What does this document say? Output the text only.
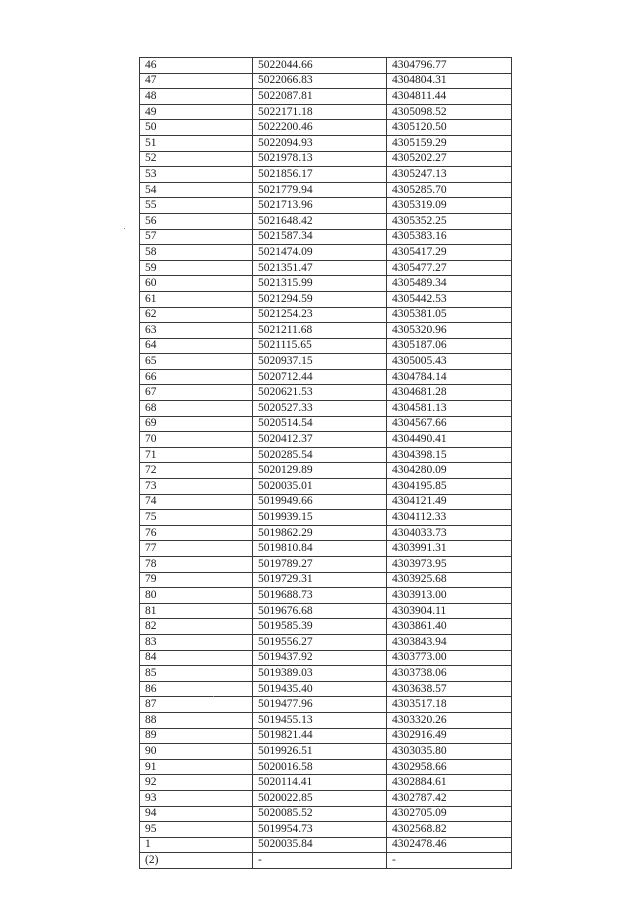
46	5022044.66	4304796.77
47	5022066.83	4304804.31
48	5022087.81	4304811.44
49	5022171.18	4305098.52
50	5022200.46	4305120.50
51	5022094.93	4305159.29
52	5021978.13	4305202.27
53	5021856.17	4305247.13
54	5021779.94	4305285.70
55	5021713.96	4305319.09
56	5021648.42	4305352.25
57	5021587.34	4305383.16
58	5021474.09	4305417.29
59	5021351.47	4305477.27
60	5021315.99	4305489.34
61	5021294.59	4305442.53
62	5021254.23	4305381.05
63	5021211.68	4305320.96
64	5021115.65	4305187.06
65	5020937.15	4305005.43
66	5020712.44	4304784.14
67	5020621.53	4304681.28
68	5020527.33	4304581.13
69	5020514.54	4304567.66
70	5020412.37	4304490.41
71	5020285.54	4304398.15
72	5020129.89	4304280.09
73	5020035.01	4304195.85
74	5019949.66	4304121.49
75	5019939.15	4304112.33
76	5019862.29	4304033.73
77	5019810.84	4303991.31
78	5019789.27	4303973.95
79	5019729.31	4303925.68
80	5019688.73	4303913.00
81	5019676.68	4303904.11
82	5019585.39	4303861.40
83	5019556.27	4303843.94
84	5019437.92	4303773.00
85	5019389.03	4303738.06
86	5019435.40	4303638.57
87	5019477.96	4303517.18
88	5019455.13	4303320.26
89	5019821.44	4302916.49
90	5019926.51	4303035.80
91	5020016.58	4302958.66
92	5020114.41	4302884.61
93	5020022.85	4302787.42
94	5020085.52	4302705.09
95	5019954.73	4302568.82
1	5020035.84	4302478.46
(2)	-	-
